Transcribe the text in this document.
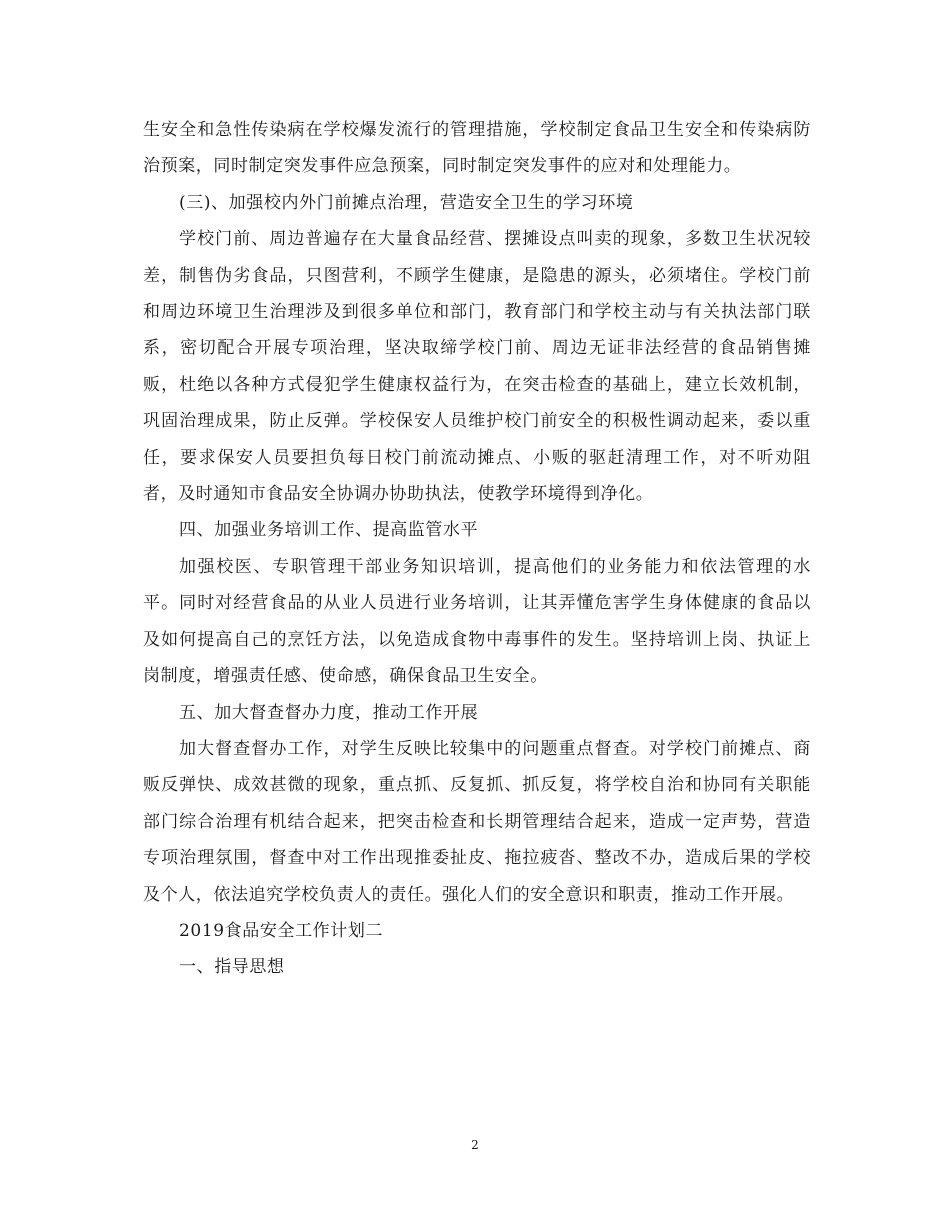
生安全和急性传染病在学校爆发流行的管理措施，学校制定食品卫生安全和传染病防治预案，同时制定突发事件应急预案，同时制定突发事件的应对和处理能力。

(三)、加强校内外门前摊点治理，营造安全卫生的学习环境

学校门前、周边普遍存在大量食品经营、摆摊设点叫卖的现象，多数卫生状况较差，制售伪劣食品，只图营利，不顾学生健康，是隐患的源头，必须堵住。学校门前和周边环境卫生治理涉及到很多单位和部门，教育部门和学校主动与有关执法部门联系，密切配合开展专项治理，坚决取缔学校门前、周边无证非法经营的食品销售摊贩，杜绝以各种方式侵犯学生健康权益行为，在突击检查的基础上，建立长效机制，巩固治理成果，防止反弹。学校保安人员维护校门前安全的积极性调动起来，委以重任，要求保安人员要担负每日校门前流动摊点、小贩的驱赶清理工作，对不听劝阻者，及时通知市食品安全协调办协助执法，使教学环境得到净化。

四、加强业务培训工作、提高监管水平

加强校医、专职管理干部业务知识培训，提高他们的业务能力和依法管理的水平。同时对经营食品的从业人员进行业务培训，让其弄懂危害学生身体健康的食品以及如何提高自己的烹饪方法，以免造成食物中毒事件的发生。坚持培训上岗、执证上岗制度，增强责任感、使命感，确保食品卫生安全。

五、加大督查督办力度，推动工作开展

加大督查督办工作，对学生反映比较集中的问题重点督查。对学校门前摊点、商贩反弹快、成效甚微的现象，重点抓、反复抓、抓反复，将学校自治和协同有关职能部门综合治理有机结合起来，把突击检查和长期管理结合起来，造成一定声势，营造专项治理氛围，督查中对工作出现推委扯皮、拖拉疲沓、整改不办，造成后果的学校及个人，依法追究学校负责人的责任。强化人们的安全意识和职责，推动工作开展。

2019食品安全工作计划二

一、指导思想

2
